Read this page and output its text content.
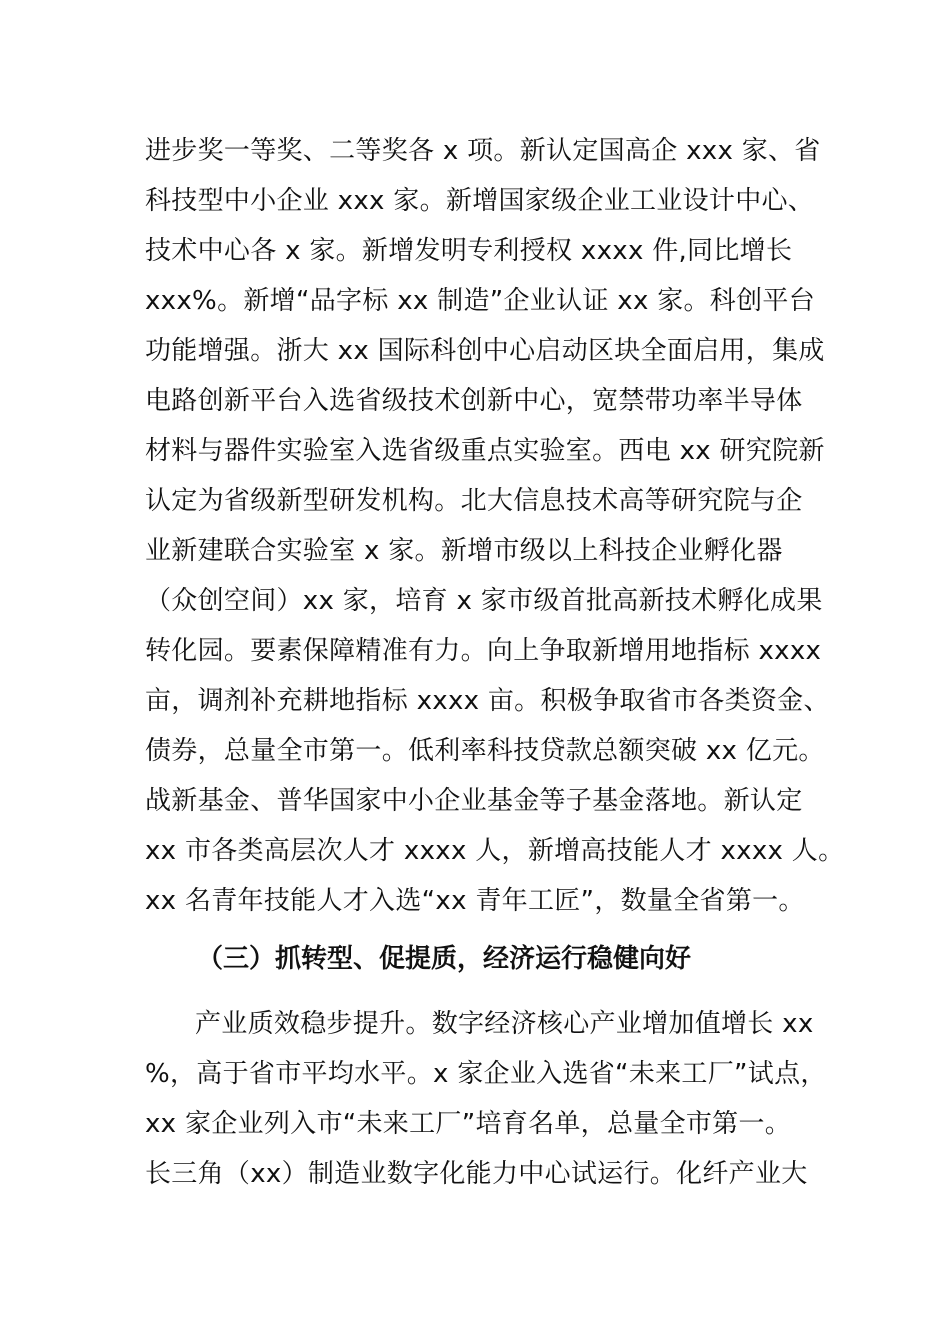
进步奖一等奖、二等奖各 x 项。新认定国高企 xxx 家、省
科技型中小企业 xxx 家。新增国家级企业工业设计中心、
技术中心各 x 家。新增发明专利授权 xxxx 件,同比增长
xxx%。新增“品字标 xx 制造”企业认证 xx 家。科创平台
功能增强。浙大 xx 国际科创中心启动区块全面启用，集成
电路创新平台入选省级技术创新中心，宽禁带功率半导体
材料与器件实验室入选省级重点实验室。西电 xx 研究院新
认定为省级新型研发机构。北大信息技术高等研究院与企
业新建联合实验室 x 家。新增市级以上科技企业孵化器
（众创空间）xx 家，培育 x 家市级首批高新技术孵化成果
转化园。要素保障精准有力。向上争取新增用地指标 xxxx
亩，调剂补充耕地指标 xxxx 亩。积极争取省市各类资金、
债券，总量全市第一。低利率科技贷款总额突破 xx 亿元。
战新基金、普华国家中小企业基金等子基金落地。新认定
xx 市各类高层次人才 xxxx 人，新增高技能人才 xxxx 人。
xx 名青年技能人才入选“xx 青年工匠”，数量全省第一。
（三）抓转型、促提质，经济运行稳健向好
产业质效稳步提升。数字经济核心产业增加值增长 xx
%，高于省市平均水平。x 家企业入选省“未来工厂”试点，
xx 家企业列入市“未来工厂”培育名单，总量全市第一。
长三角（xx）制造业数字化能力中心试运行。化纤产业大
